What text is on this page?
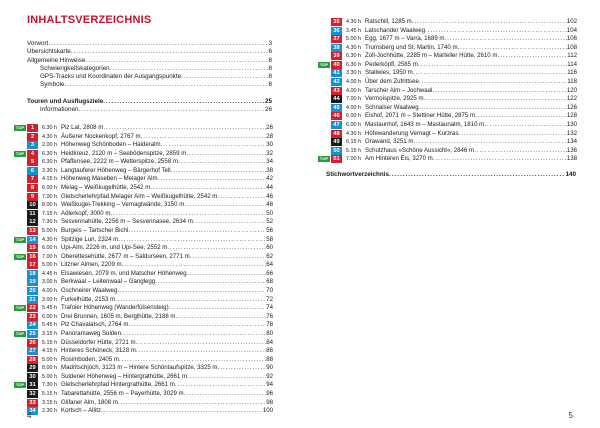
INHALTSVERZEICHNIS
Vorwort .....	3
Übersichtskarte .....	6
Allgemeine Hinweise .....	8
Schwierigkeitskategorien .....	8
GPS-Tracks und Koordinaten der Ausgangspunkte .....	8
Symbole .....	8
Touren und Ausflugsziele .....	25
Informationen .....	26
TOP	1	6.30 h Piz Lat, 2808 m .....	26
2	4.30 h Äußerer Nockenkopf, 2767 m .....	28
3	2.00 h Höhenweg Schönboden – Haideralm .....	30
TOP	4	6.30 h Heidkreuz, 2120 m – Seebödenspitze, 2859 m .....	32
5	6.30 h Pfaffensee, 2222 m – Wetterspitze, 2558 m .....	34
6	3.30 h Langtauferer Höhenweg – Bärgerhof Tell .....	38
7	4.15 h Höhenweg Maseben – Melager Alm .....	42
8	6.00 h Melag – Weißkugelhütte, 2542 m .....	44
9	7.00 h Gletscherlehrpfad Melager Alm – Weißkugelhütte, 2542 m .....	46
10	8.00 h Weißkugel-Trekking – Vernagtwände, 3150 m .....	48
11	7.15 h Adlerkopf, 3000 m .....	50
12	7.30 h Sesvennahütte, 2256 m – Sesvennasee, 2634 m .....	52
13	5.00 h Burgeis – Tartscher Bichl .....	56
TOP 14	4.30 h Spitzige Lun, 2324 m .....	58
15	6.00 h Upi-Alm, 2226 m, und Upi-See, 2552 m .....	60
TOP 16	7.00 h Oberettesehütte, 2677 m – Saldurseen, 2771 m .....	62
17	5.00 h Litzner Almen, 2209 m .....	64
18	4.45 h Elsawiesen, 2079 m, und Matscher Höhenweg .....	66
19	3.00 h Berkwaal – Leitenwaal – Ganglegg .....	68
20	4.00 h Gschneirer Waalweg .....	70
21	3.00 h Furkelhütte, 2153 m .....	72
TOP 22	5.45 h Trafoier Höhenweg (Wanderfülsensteig) .....	74
23	6.00 h Drei Brunnen, 1605 m, Berglhütte, 2188 m .....	76
24	5.45 h Piz Chavalatsch, 2764 m .....	78
TOP 25	3.15 h Panoramaweg Sulden .....	80
26	5.15 h Düsseldorfer Hütte, 2721 m .....	84
27	4.15 h Hinteres Schöneck, 3128 m .....	86
28	5.00 h Rosimboden, 2405 m .....	88
29	8.00 h Madritschjoch, 3123 m – Hintere Schöntaufspitze, 3325 m .....	90
30	5.00 h Suldener Höhenweg – Hintergrathütte, 2661 m .....	92
TOP 31	7.30 h Gletscherlehrpfad Hintergrathütte, 2661 m .....	94
32	5.15 h Tabarettahütte, 2556 m – Payerhütte, 3029 m .....	96
33	3.15 h Glifaner Alm, 1808 m .....	98
34	2.30 h Kortsch – Allitz .....	100
4
35	4.30 h Ratschill, 1285 m .....	102
36	3.45 h Latschander Waalweg .....	104
37	5.00 h Egg, 1677 m – Varra, 1689 m .....	106
38	4.30 h Trumsberg und St. Martin, 1740 m .....	108
39	6.30 h Zoll-Jochhütte, 2285 m – Marteller Hütte, 2610 m .....	112
TOP 40	6.30 h Pederköpfl, 2585 m .....	114
41	3.30 h Stallwies, 1950 m .....	116
42	4.00 h Über dem Zufrittsee .....	118
43	4.00 h Tarscher Alm – Jochwaal .....	120
44	7.00 h Vermoispitze, 2925 m .....	122
45	4.00 h Schnalser Waalweg .....	126
46	6.00 h Eishof, 2071 m – Stettiner Hütte, 2875 m .....	128
47	6.00 h Mastaunhof, 1643 m – Mastaunalm, 1810 m .....	130
48	4.30 h Höfewanderung Vernagt – Kurzras .....	132
49	6.15 h Grawand, 3251 m .....	134
50	5.15 h Schutzhaus »Schöne Aussicht«, 2846 m .....	136
TOP 51	7.00 h Am Hinteren Eis, 3270 m .....	138
Stichwortverzeichnis .....	140
5
